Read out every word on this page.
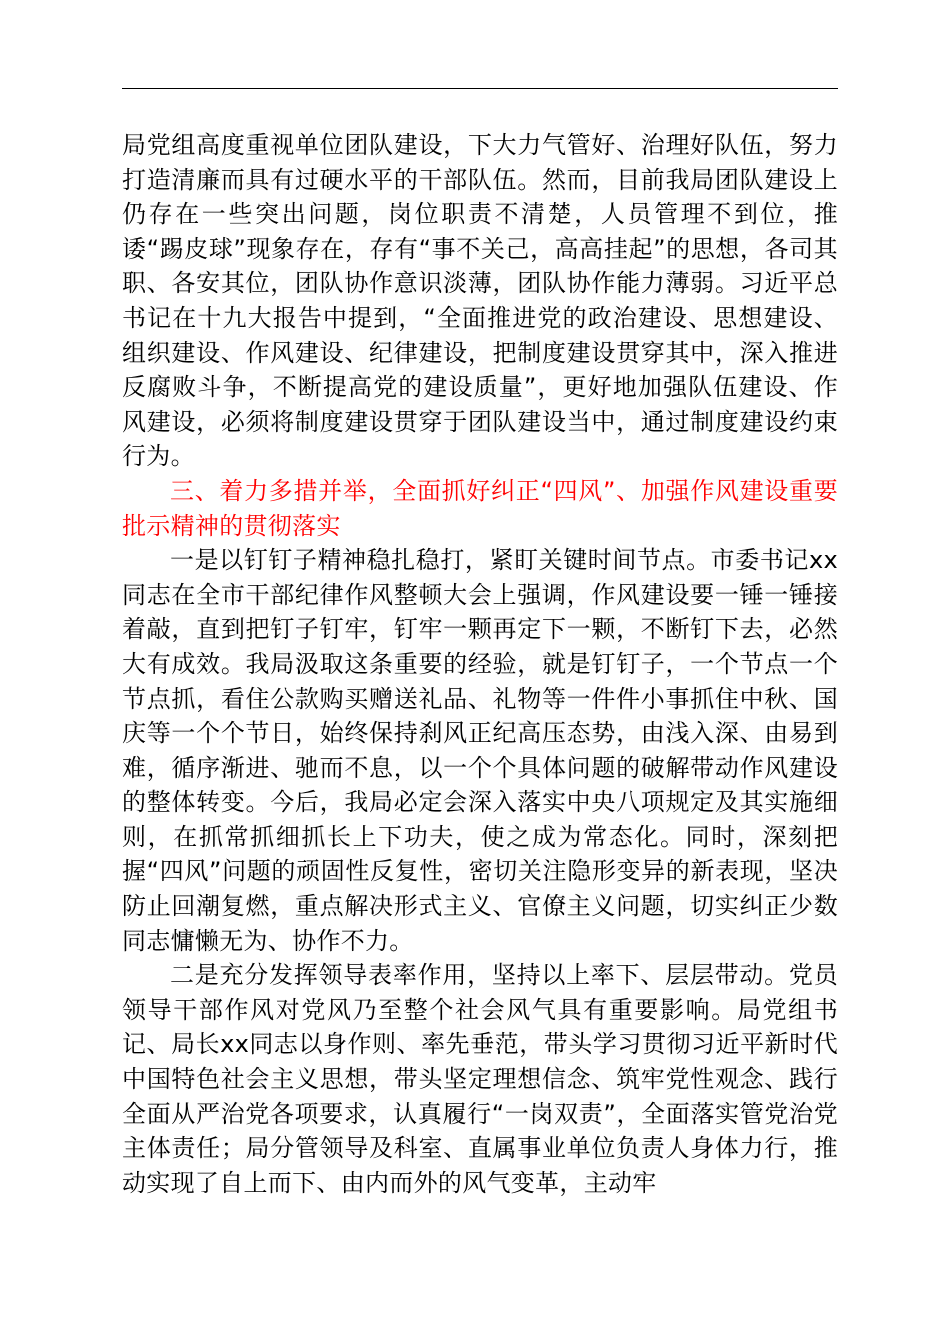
局党组高度重视单位团队建设，下大力气管好、治理好队伍，努力打造清廉而具有过硬水平的干部队伍。然而，目前我局团队建设上仍存在一些突出问题，岗位职责不清楚，人员管理不到位，推诿“踢皮球”现象存在，存有“事不关己，高高挂起”的思想，各司其职、各安其位，团队协作意识淡薄，团队协作能力薄弱。习近平总书记在十九大报告中提到，“全面推进党的政治建设、思想建设、组织建设、作风建设、纪律建设，把制度建设贯穿其中，深入推进反腐败斗争，不断提高党的建设质量”，更好地加强队伍建设、作风建设，必须将制度建设贯穿于团队建设当中，通过制度建设约束行为。

三、着力多措并举，全面抓好纠正“四风”、加强作风建设重要批示精神的贯彻落实

一是以钉钉子精神稳扎稳打，紧盯关键时间节点。市委书记xx同志在全市干部纪律作风整顿大会上强调，作风建设要一锤一锤接着敲，直到把钉子钉牢，钉牢一颗再定下一颗，不断钉下去，必然大有成效。我局汲取这条重要的经验，就是钉钉子，一个节点一个节点抓，看住公款购买赠送礼品、礼物等一件件小事抓住中秋、国庆等一个个节日，始终保持刹风正纪高压态势，由浅入深、由易到难，循序渐进、驰而不息，以一个个具体问题的破解带动作风建设的整体转变。今后，我局必定会深入落实中央八项规定及其实施细则，在抓常抓细抓长上下功夫，使之成为常态化。同时，深刻把握“四风”问题的顽固性反复性，密切关注隐形变异的新表现，坚决防止回潮复燃，重点解决形式主义、官僚主义问题，切实纠正少数同志慵懒无为、协作不力。

二是充分发挥领导表率作用，坚持以上率下、层层带动。党员领导干部作风对党风乃至整个社会风气具有重要影响。局党组书记、局长xx同志以身作则、率先垂范，带头学习贯彻习近平新时代中国特色社会主义思想，带头坚定理想信念、筑牢党性观念、践行全面从严治党各项要求，认真履行“一岗双责”，全面落实管党治党主体责任；局分管领导及科室、直属事业单位负责人身体力行，推动实现了自上而下、由内而外的风气变革，主动牢
